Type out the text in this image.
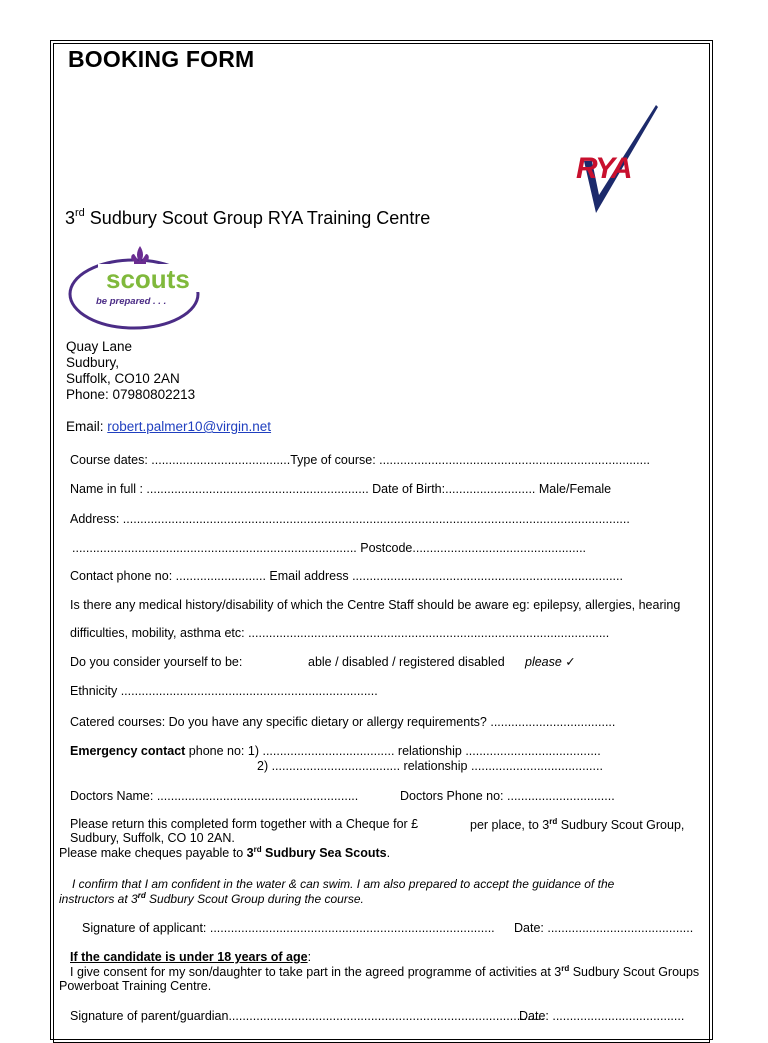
BOOKING FORM
RYA
3rd Sudbury Scout Group RYA Training Centre
scouts
be prepared . . .
Quay Lane
Sudbury,
Suffolk, CO10 2AN
Phone: 07980802213
Email: robert.palmer10@virgin.net
Course dates: ........................................Type of course: ..............................................................................
Name in full : ................................................................ Date of Birth:.......................... Male/Female
Address: ..................................................................................................................................................
.................................................................................. Postcode..................................................
Contact phone no: .......................... Email address ..............................................................................
Is there any medical history/disability of which the Centre Staff should be aware eg: epilepsy, allergies, hearing
difficulties, mobility, asthma etc: ........................................................................................................
Do you consider yourself to be:	able / disabled / registered disabled please ✓
Ethnicity ..........................................................................
Catered courses: Do you have any specific dietary or allergy requirements? ....................................
Emergency contact phone no: 1) ...................................... relationship .......................................
2) ..................................... relationship ......................................
Doctors Name: ..........................................................	Doctors Phone no: ...............................
Please return this completed form together with a Cheque for £	per place, to 3rd Sudbury Scout Group,
Sudbury, Suffolk, CO 10 2AN.
Please make cheques payable to 3rd Sudbury Sea Scouts.
I confirm that I am confident in the water & can swim. I am also prepared to accept the guidance of the
instructors at 3rd Sudbury Scout Group during the course.
Signature of applicant: .................................................................................. Date: ..........................................
If the candidate is under 18 years of age:
I give consent for my son/daughter to take part in the agreed programme of activities at 3rd Sudbury Scout Groups
Powerboat Training Centre.
Signature of parent/guardian...........................................................................................
Date: ......................................
